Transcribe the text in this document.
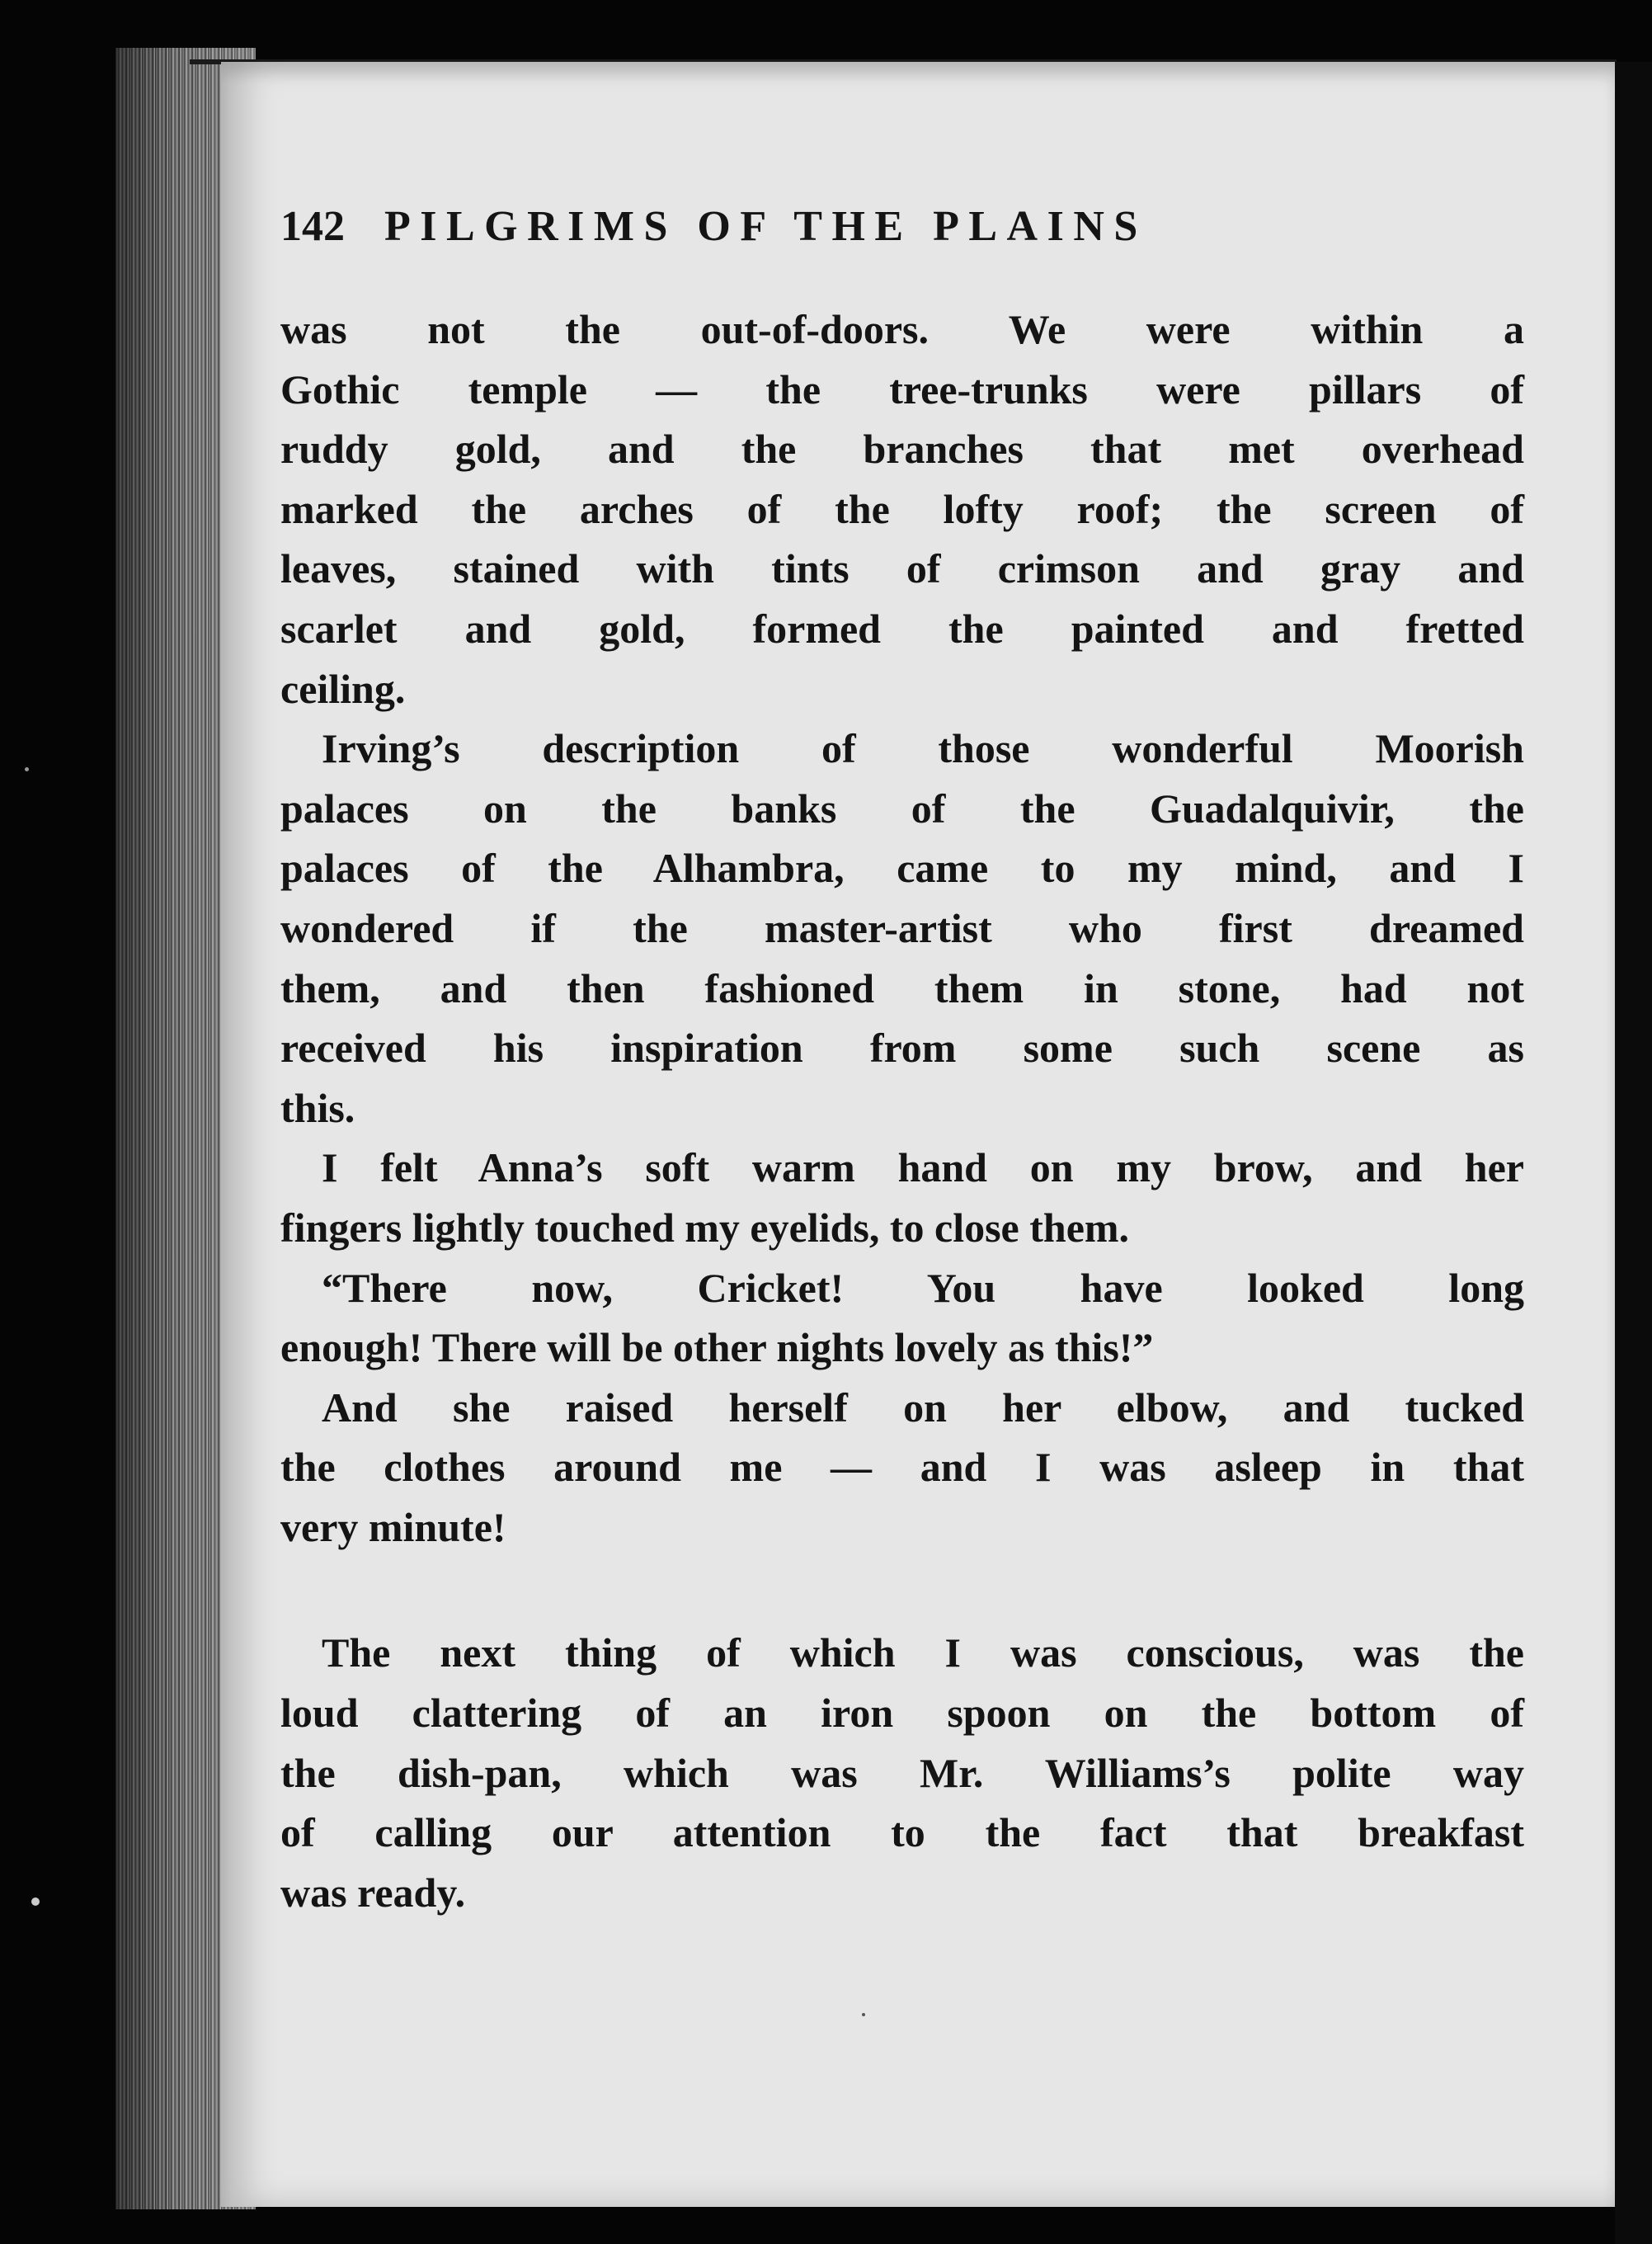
142 PILGRIMS OF THE PLAINS
was not the out-of-doors. We were within a
Gothic temple — the tree-trunks were pillars of
ruddy gold, and the branches that met overhead
marked the arches of the lofty roof; the screen of
leaves, stained with tints of crimson and gray and
scarlet and gold, formed the painted and fretted
ceiling.
Irving’s description of those wonderful Moorish
palaces on the banks of the Guadalquivir, the
palaces of the Alhambra, came to my mind, and I
wondered if the master-artist who first dreamed
them, and then fashioned them in stone, had not
received his inspiration from some such scene as
this.
I felt Anna’s soft warm hand on my brow, and her
fingers lightly touched my eyelids, to close them.
“There now, Cricket! You have looked long
enough! There will be other nights lovely as this!”
And she raised herself on her elbow, and tucked
the clothes around me — and I was asleep in that
very minute!
The next thing of which I was conscious, was the
loud clattering of an iron spoon on the bottom of
the dish-pan, which was Mr. Williams’s polite way
of calling our attention to the fact that breakfast
was ready.
